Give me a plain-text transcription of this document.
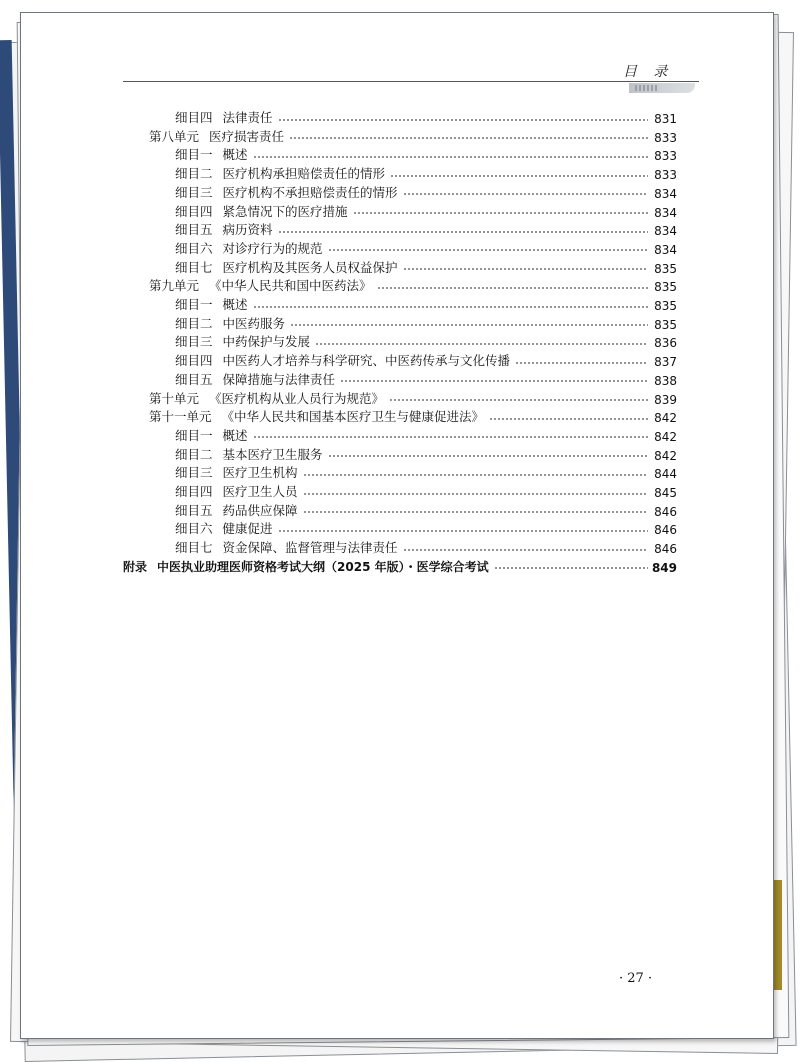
目 录
细目四 法律责任	831
第八单元 医疗损害责任	833
细目一 概述	833
细目二 医疗机构承担赔偿责任的情形	833
细目三 医疗机构不承担赔偿责任的情形	834
细目四 紧急情况下的医疗措施	834
细目五 病历资料	834
细目六 对诊疗行为的规范	834
细目七 医疗机构及其医务人员权益保护	835
第九单元 《中华人民共和国中医药法》	835
细目一 概述	835
细目二 中医药服务	835
细目三 中药保护与发展	836
细目四 中医药人才培养与科学研究、中医药传承与文化传播	837
细目五 保障措施与法律责任	838
第十单元 《医疗机构从业人员行为规范》	839
第十一单元 《中华人民共和国基本医疗卫生与健康促进法》	842
细目一 概述	842
细目二 基本医疗卫生服务	842
细目三 医疗卫生机构	844
细目四 医疗卫生人员	845
细目五 药品供应保障	846
细目六 健康促进	846
细目七 资金保障、监督管理与法律责任	846
附录 中医执业助理医师资格考试大纲（2025 年版）・医学综合考试	849
· 27 ·
